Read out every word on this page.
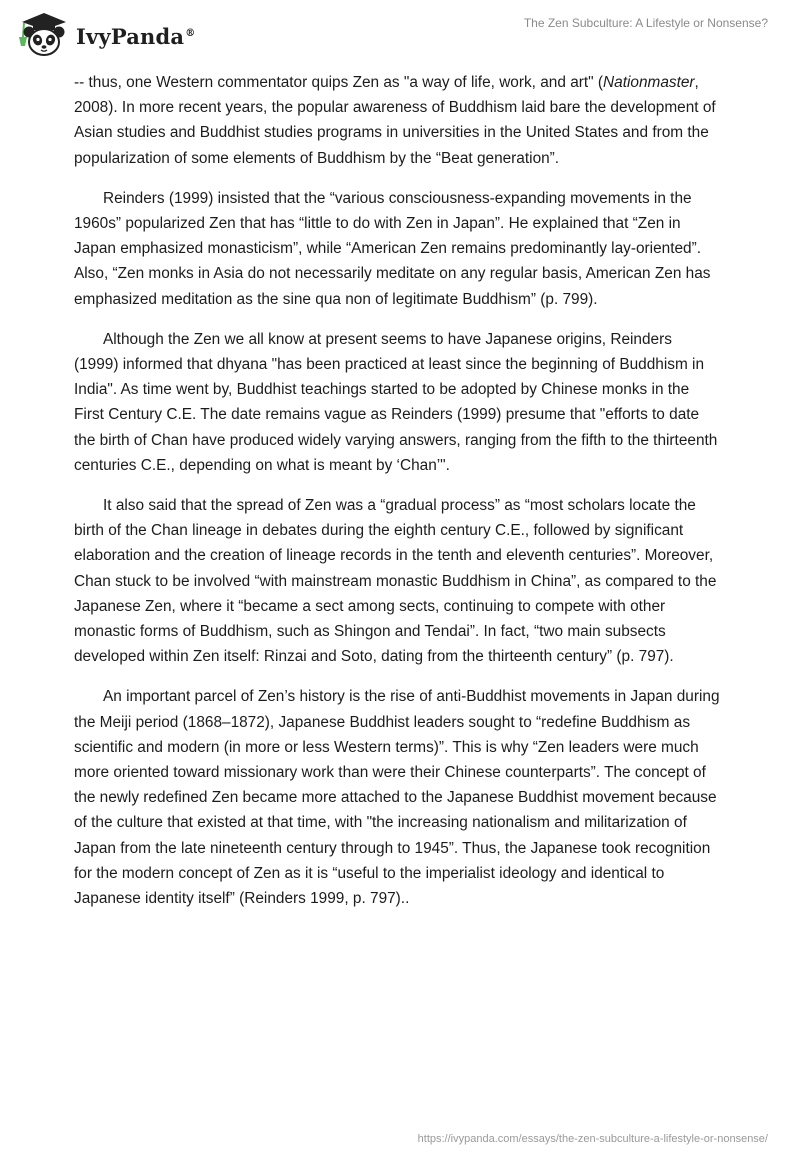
IvyPanda®
The Zen Subculture: A Lifestyle or Nonsense?

-- thus, one Western commentator quips Zen as "a way of life, work, and art" (Nationmaster, 2008). In more recent years, the popular awareness of Buddhism laid bare the development of Asian studies and Buddhist studies programs in universities in the United States and from the popularization of some elements of Buddhism by the “Beat generation”.

Reinders (1999) insisted that the “various consciousness-expanding movements in the 1960s” popularized Zen that has “little to do with Zen in Japan”. He explained that “Zen in Japan emphasized monasticism”, while “American Zen remains predominantly lay-oriented”. Also, “Zen monks in Asia do not necessarily meditate on any regular basis, American Zen has emphasized meditation as the sine qua non of legitimate Buddhism” (p. 799).

Although the Zen we all know at present seems to have Japanese origins, Reinders (1999) informed that dhyana "has been practiced at least since the beginning of Buddhism in India". As time went by, Buddhist teachings started to be adopted by Chinese monks in the First Century C.E. The date remains vague as Reinders (1999) presume that "efforts to date the birth of Chan have produced widely varying answers, ranging from the fifth to the thirteenth centuries C.E., depending on what is meant by ‘Chan’".

It also said that the spread of Zen was a “gradual process” as “most scholars locate the birth of the Chan lineage in debates during the eighth century C.E., followed by significant elaboration and the creation of lineage records in the tenth and eleventh centuries”. Moreover, Chan stuck to be involved “with mainstream monastic Buddhism in China”, as compared to the Japanese Zen, where it “became a sect among sects, continuing to compete with other monastic forms of Buddhism, such as Shingon and Tendai”. In fact, “two main subsects developed within Zen itself: Rinzai and Soto, dating from the thirteenth century” (p. 797).

An important parcel of Zen’s history is the rise of anti-Buddhist movements in Japan during the Meiji period (1868–1872), Japanese Buddhist leaders sought to “redefine Buddhism as scientific and modern (in more or less Western terms)”. This is why “Zen leaders were much more oriented toward missionary work than were their Chinese counterparts”. The concept of the newly redefined Zen became more attached to the Japanese Buddhist movement because of the culture that existed at that time, with "the increasing nationalism and militarization of Japan from the late nineteenth century through to 1945”. Thus, the Japanese took recognition for the modern concept of Zen as it is “useful to the imperialist ideology and identical to Japanese identity itself” (Reinders 1999, p. 797)..

https://ivypanda.com/essays/the-zen-subculture-a-lifestyle-or-nonsense/
